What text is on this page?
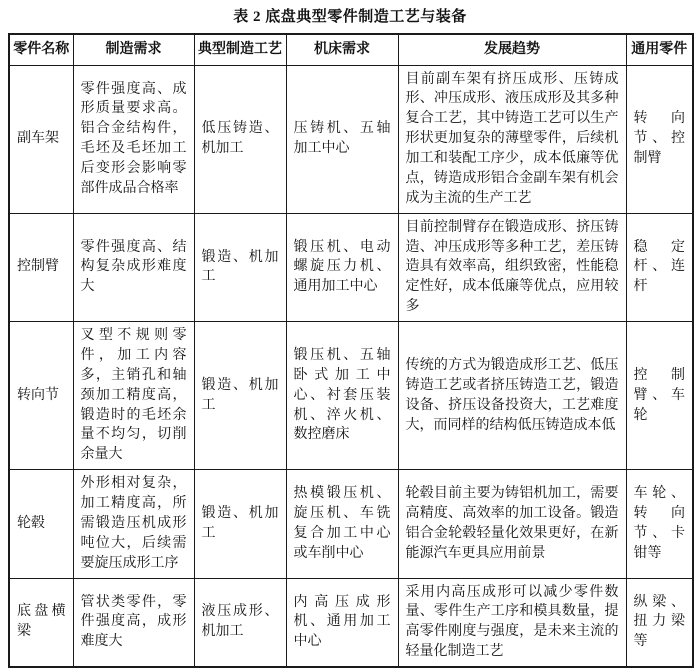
表 2 底盘典型零件制造工艺与装备
零件名称	制造需求	典型制造工艺	机床需求	发展趋势	通用零件
副车架	零件强度高、成形质量要求高。铝合金结构件，毛坯及毛坯加工后变形会影响零部件成品合格率	低压铸造、机加工	压铸机、五轴加工中心	目前副车架有挤压成形、压铸成形、冲压成形、液压成形及其多种复合工艺，其中铸造工艺可以生产形状更加复杂的薄壁零件，后续机加工和装配工序少，成本低廉等优点，铸造成形铝合金副车架有机会成为主流的生产工艺	转向节、控制臂
控制臂	零件强度高、结构复杂成形难度大	锻造、机加工	锻压机、电动螺旋压力机、通用加工中心	目前控制臂存在锻造成形、挤压铸造、冲压成形等多种工艺，差压铸造具有效率高，组织致密，性能稳定性好，成本低廉等优点，应用较多	稳定杆、连杆
转向节	叉型不规则零件，加工内容多，主销孔和轴颈加工精度高，锻造时的毛坯余量不均匀，切削余量大	锻造、机加工	锻压机、五轴卧式加工中心、衬套压装机、淬火机、数控磨床	传统的方式为锻造成形工艺、低压铸造工艺或者挤压铸造工艺，锻造设备、挤压设备投资大，工艺难度大，而同样的结构低压铸造成本低	控制臂、车轮
轮毂	外形相对复杂，加工精度高，所需锻造压机成形吨位大，后续需要旋压成形工序	锻造、机加工	热模锻压机、旋压机、车铣复合加工中心或车削中心	轮毂目前主要为铸铝机加工，需要高精度、高效率的加工设备。锻造铝合金轮毂轻量化效果更好，在新能源汽车更具应用前景	车轮、转向节、卡钳等
底盘横梁	管状类零件，零件强度高，成形难度大	液压成形、机加工	内高压成形机、通用加工中心	采用内高压成形可以减少零件数量、零件生产工序和模具数量，提高零件刚度与强度，是未来主流的轻量化制造工艺	纵梁、扭力梁等
